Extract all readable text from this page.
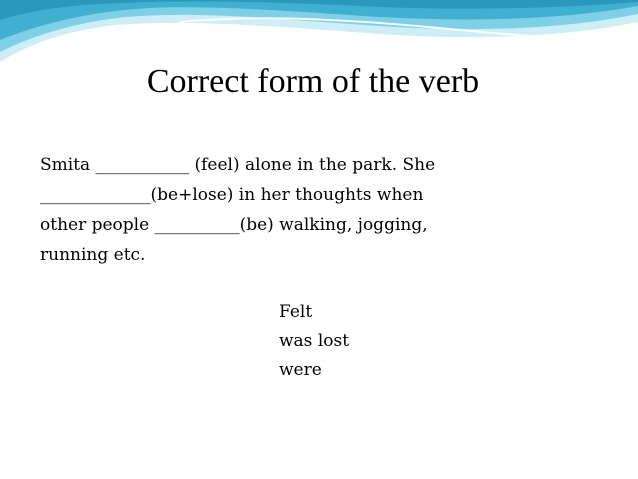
Correct form of the verb
Smita ___________ (feel) alone in the park. She
_____________(be+lose) in her thoughts when
other people __________(be) walking, jogging,
running etc.
Felt
was lost
were
